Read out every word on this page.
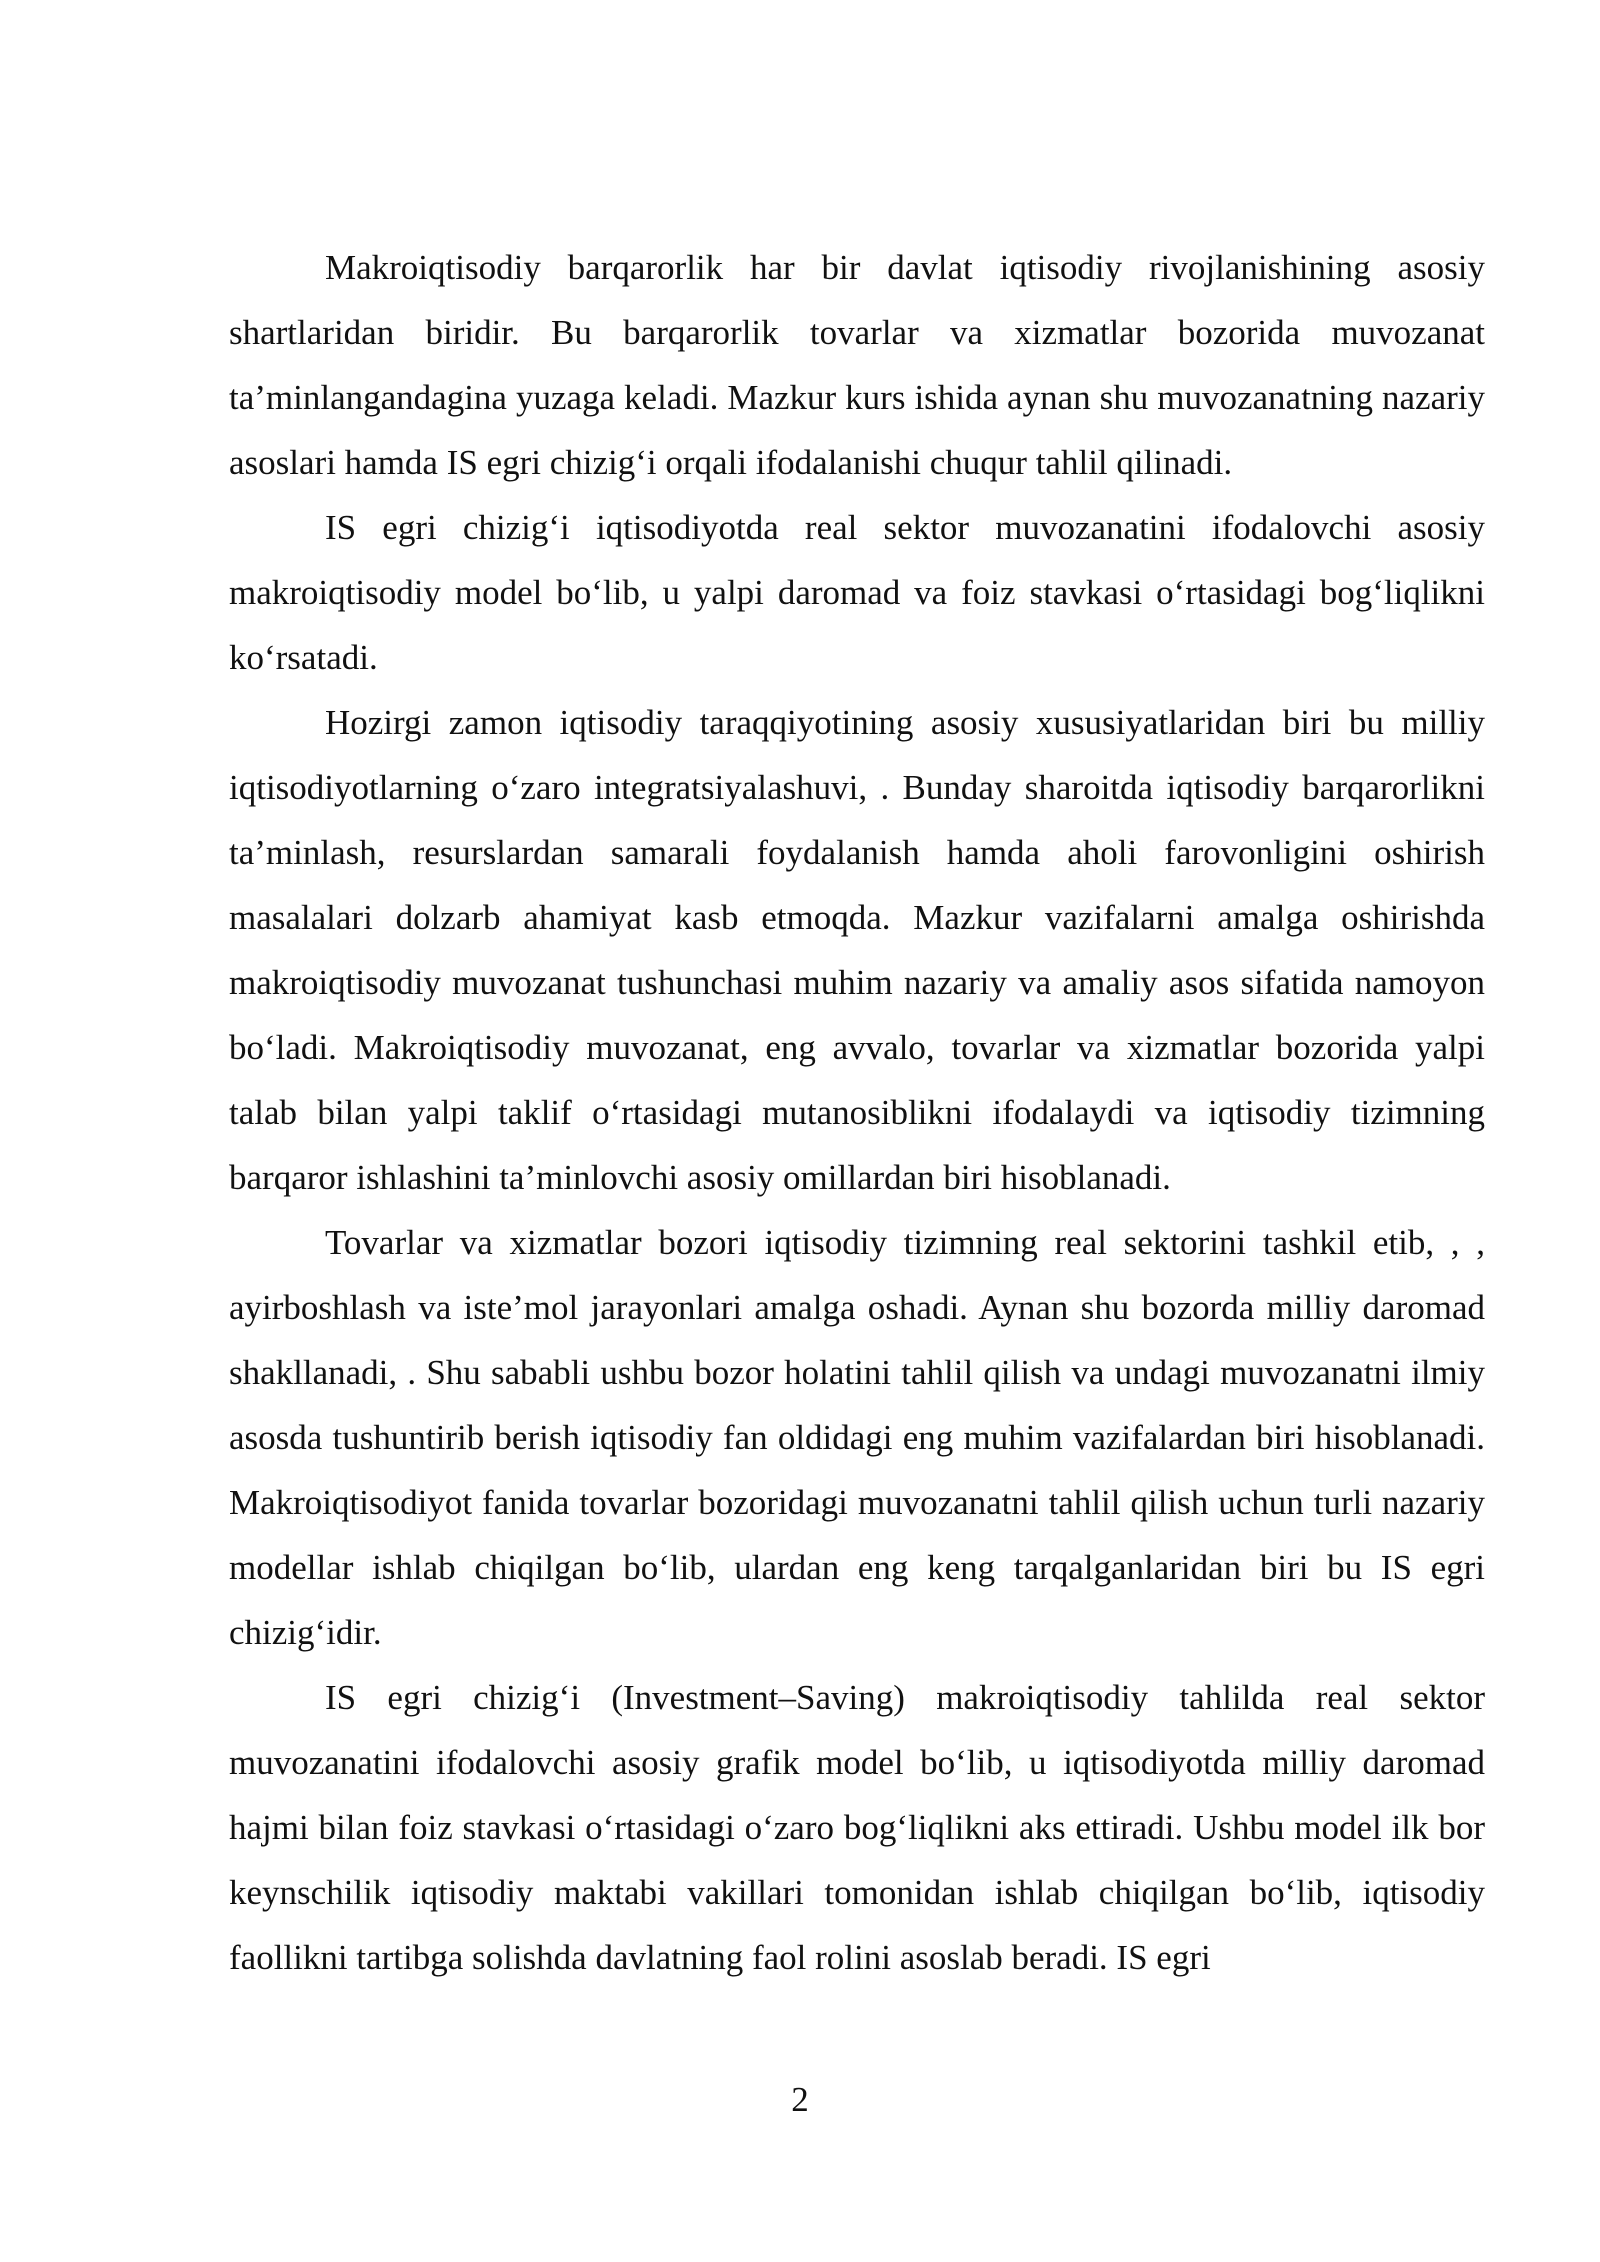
Makroiqtisodiy barqarorlik har bir davlat iqtisodiy rivojlanishining asosiy shartlaridan biridir. Bu barqarorlik tovarlar va xizmatlar bozorida muvozanat ta’minlangandagina yuzaga keladi. Mazkur kurs ishida aynan shu muvozanatning nazariy asoslari hamda IS egri chizig‘i orqali ifodalanishi chuqur tahlil qilinadi.

IS egri chizig‘i iqtisodiyotda real sektor muvozanatini ifodalovchi asosiy makroiqtisodiy model bo‘lib, u yalpi daromad va foiz stavkasi o‘rtasidagi bog‘liqlikni ko‘rsatadi.

Hozirgi zamon iqtisodiy taraqqiyotining asosiy xususiyatlaridan biri bu milliy iqtisodiyotlarning o‘zaro integratsiyalashuvi, . Bunday sharoitda iqtisodiy barqarorlikni ta’minlash, resurslardan samarali foydalanish hamda aholi farovonligini oshirish masalalari dolzarb ahamiyat kasb etmoqda. Mazkur vazifalarni amalga oshirishda makroiqtisodiy muvozanat tushunchasi muhim nazariy va amaliy asos sifatida namoyon bo‘ladi. Makroiqtisodiy muvozanat, eng avvalo, tovarlar va xizmatlar bozorida yalpi talab bilan yalpi taklif o‘rtasidagi mutanosiblikni ifodalaydi va iqtisodiy tizimning barqaror ishlashini ta’minlovchi asosiy omillardan biri hisoblanadi.

Tovarlar va xizmatlar bozori iqtisodiy tizimning real sektorini tashkil etib, , , ayirboshlash va iste’mol jarayonlari amalga oshadi. Aynan shu bozorda milliy daromad shakllanadi, . Shu sababli ushbu bozor holatini tahlil qilish va undagi muvozanatni ilmiy asosda tushuntirib berish iqtisodiy fan oldidagi eng muhim vazifalardan biri hisoblanadi. Makroiqtisodiyot fanida tovarlar bozoridagi muvozanatni tahlil qilish uchun turli nazariy modellar ishlab chiqilgan bo‘lib, ulardan eng keng tarqalganlaridan biri bu IS egri chizig‘idir.

IS egri chizig‘i (Investment–Saving) makroiqtisodiy tahlilda real sektor muvozanatini ifodalovchi asosiy grafik model bo‘lib, u iqtisodiyotda milliy daromad hajmi bilan foiz stavkasi o‘rtasidagi o‘zaro bog‘liqlikni aks ettiradi. Ushbu model ilk bor keynschilik iqtisodiy maktabi vakillari tomonidan ishlab chiqilgan bo‘lib, iqtisodiy faollikni tartibga solishda davlatning faol rolini asoslab beradi. IS egri

2
